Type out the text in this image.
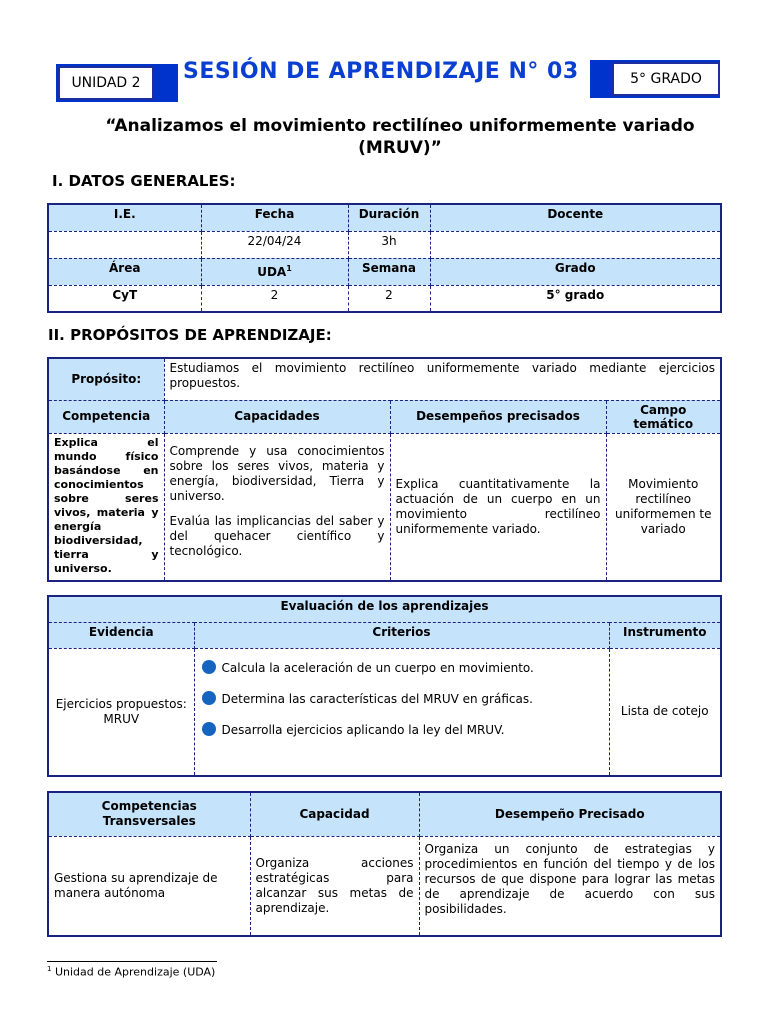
UNIDAD 2 SESIÓN DE APRENDIZAJE N° 03	5° GRADO
“Analizamos el movimiento rectilíneo uniformemente variado (MRUV)”
I. DATOS GENERALES:
I.E.	Fecha	Duración	Docente
	22/04/24	3h	
Área	UDA$^1$	Semana	Grado
CyT	2	2	5° grado
II. PROPÓSITOS DE APRENDIZAJE:
Propósito:	Estudiamos el movimiento rectilíneo uniformemente variado mediante ejercicios propuestos.		
Competencia	Capacidades	Desempeños precisados	Campo temático
Explica el mundo físico basándose en conocimientos sobre seres vivos, materia y energía biodiversidad, tierra y universo.	Comprende y usa conocimientos sobre los seres vivos, materia y energía, biodiversidad, Tierra y universo.
Evalúa las implicancias del saber y del quehacer científico y tecnológico.	Explica cuantitativamente la actuación de un cuerpo en un movimiento rectilíneo uniformemente variado.	Movimiento rectilíneo uniformemen te variado
Evaluación de los aprendizajes		
Evidencia	Criterios	Instrumento
Ejercicios propuestos: MRUV	Calcula la aceleración de un cuerpo en movimiento.
Determina las características del MRUV en gráficas.
Desarrolla ejercicios aplicando la ley del MRUV.	Lista de cotejo
Competencias Transversales	Capacidad	Desempeño Precisado
Gestiona su aprendizaje de manera autónoma	Organiza acciones estratégicas para alcanzar sus metas de aprendizaje.	Organiza un conjunto de estrategias y procedimientos en función del tiempo y de los recursos de que dispone para lograr las metas de aprendizaje de acuerdo con sus posibilidades.
$^1$ Unidad de Aprendizaje (UDA)
